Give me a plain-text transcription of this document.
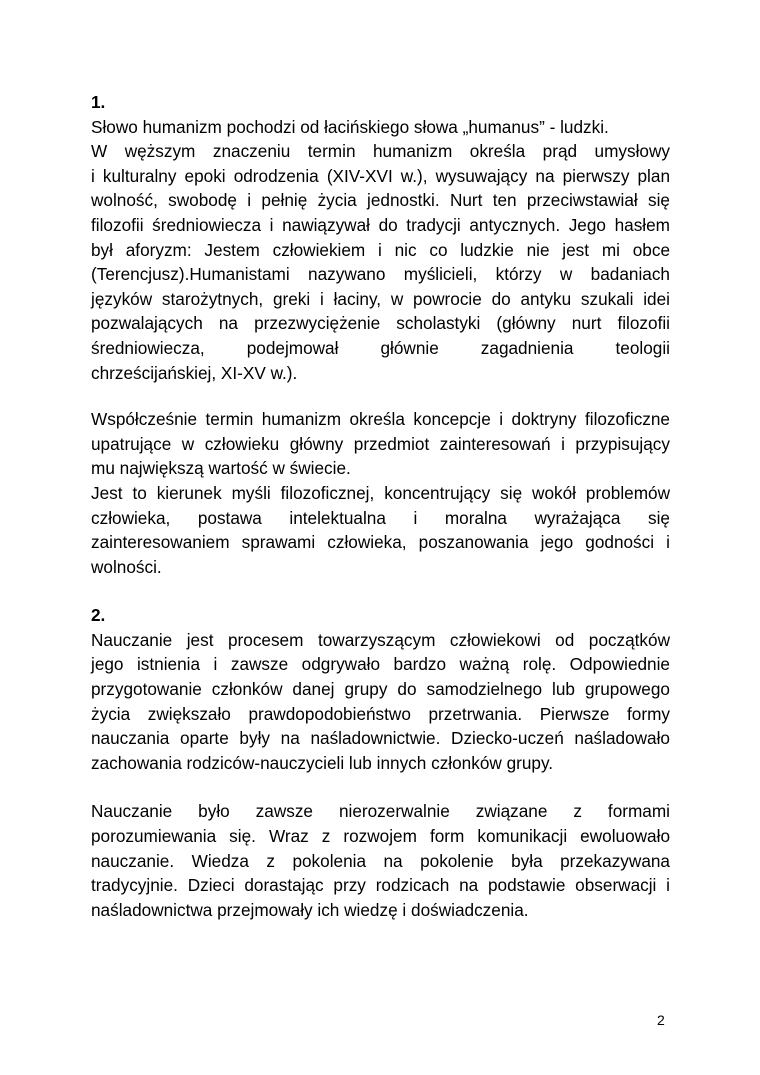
1.

Słowo humanizm pochodzi od łacińskiego słowa „humanus” - ludzki.
W węższym znaczeniu termin humanizm określa prąd umysłowy
i kulturalny epoki odrodzenia (XIV-XVI w.), wysuwający na pierwszy plan
wolność, swobodę i pełnię życia jednostki. Nurt ten przeciwstawiał się
filozofii średniowiecza i nawiązywał do tradycji antycznych. Jego hasłem
był aforyzm: Jestem człowiekiem i nic co ludzkie nie jest mi obce
(Terencjusz).Humanistami nazywano myślicieli, którzy w badaniach
języków starożytnych, greki i łaciny, w powrocie do antyku szukali idei
pozwalających na przezwyciężenie scholastyki (główny nurt filozofii
średniowiecza, podejmował głównie zagadnienia teologii
chrześcijańskiej, XI-XV w.).

Współcześnie termin humanizm określa koncepcje i doktryny filozoficzne
upatrujące w człowieku główny przedmiot zainteresowań i przypisujący
mu największą wartość w świecie.
Jest to kierunek myśli filozoficznej, koncentrujący się wokół problemów
człowieka, postawa intelektualna i moralna wyrażająca się
zainteresowaniem sprawami człowieka, poszanowania jego godności i
wolności.

2.

Nauczanie jest procesem towarzyszącym człowiekowi od początków
jego istnienia i zawsze odgrywało bardzo ważną rolę. Odpowiednie
przygotowanie członków danej grupy do samodzielnego lub grupowego
życia zwiększało prawdopodobieństwo przetrwania. Pierwsze formy
nauczania oparte były na naśladownictwie. Dziecko-uczeń naśladowało
zachowania rodziców-nauczycieli lub innych członków grupy.

Nauczanie było zawsze nierozerwalnie związane z formami
porozumiewania się. Wraz z rozwojem form komunikacji ewoluowało
nauczanie. Wiedza z pokolenia na pokolenie była przekazywana
tradycyjnie. Dzieci dorastając przy rodzicach na podstawie obserwacji i
naśladownictwa przejmowały ich wiedzę i doświadczenia.

2
